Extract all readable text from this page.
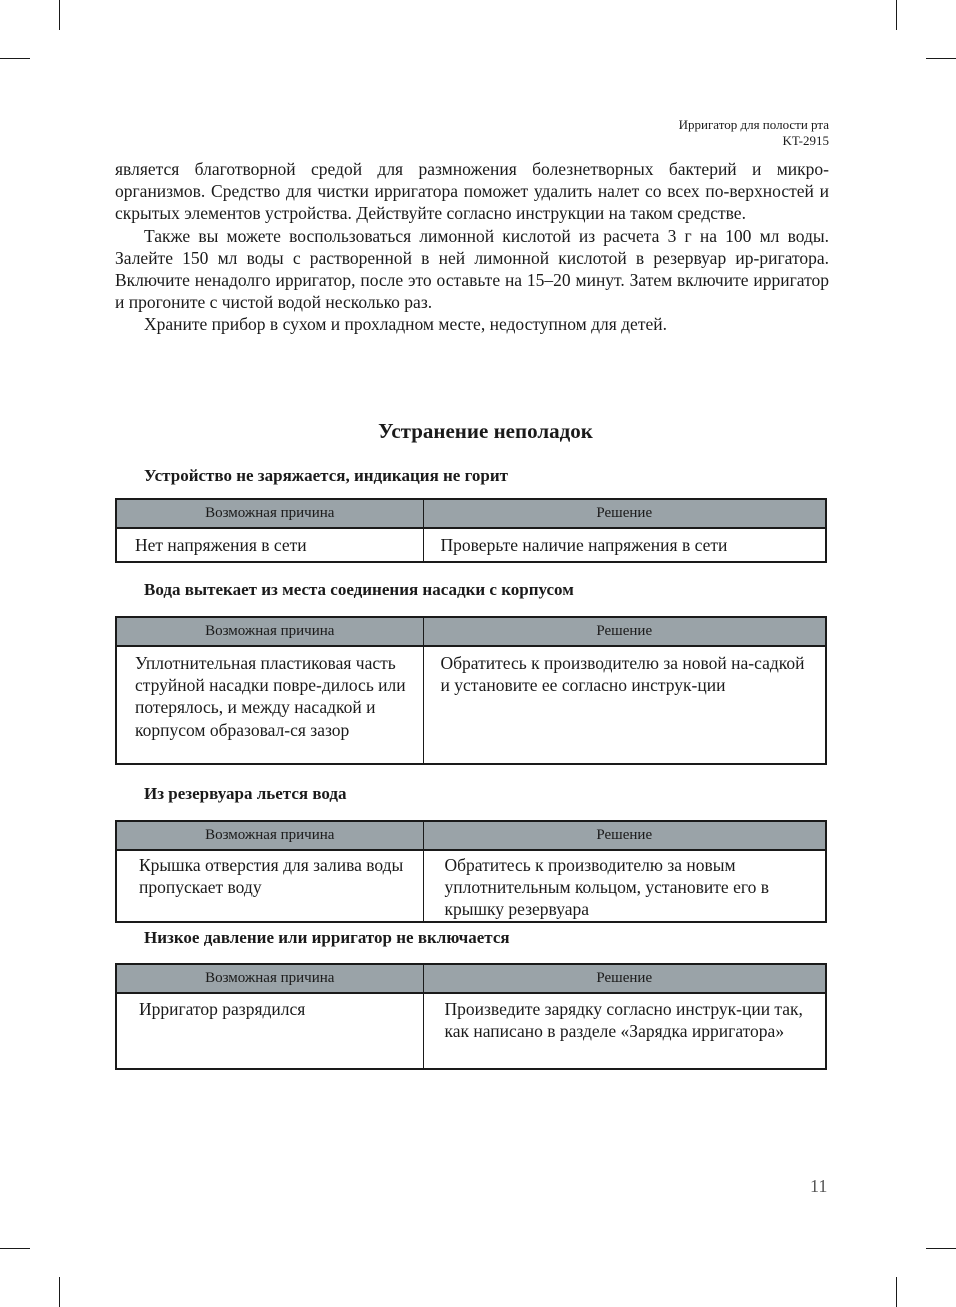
Ирригатор для полости рта
KT-2915

является благотворной средой для размножения болезнетворных бактерий и микро-организмов. Средство для чистки ирригатора поможет удалить налет со всех по-верхностей и скрытых элементов устройства. Действуйте согласно инструкции на таком средстве.

Также вы можете воспользоваться лимонной кислотой из расчета 3 г на 100 мл воды. Залейте 150 мл воды с растворенной в ней лимонной кислотой в резервуар ир-ригатора. Включите ненадолго ирригатор, после это оставьте на 15–20 минут. Затем включите ирригатор и прогоните с чистой водой несколько раз.

Храните прибор в сухом и прохладном месте, недоступном для детей.

Устранение неполадок
Устройство не заряжается, индикация не горит
Возможная причина	Решение
Нет напряжения в сети	Проверьте наличие напряжения в сети
Вода вытекает из места соединения насадки с корпусом
Возможная причина	Решение
Уплотнительная пластиковая часть струйной насадки повре-дилось или потерялось, и между насадкой и корпусом образовал-ся зазор	Обратитесь к производителю за новой на-садкой и установите ее согласно инструк-ции
Из резервуара льется вода
Возможная причина	Решение
Крышка отверстия для залива воды пропускает воду	Обратитесь к производителю за новым уплотнительным кольцом, установите его в крышку резервуара
Низкое давление или ирригатор не включается
Возможная причина	Решение
Ирригатор разрядился	Произведите зарядку согласно инструк-ции так, как написано в разделе «Зарядка ирригатора»
11
